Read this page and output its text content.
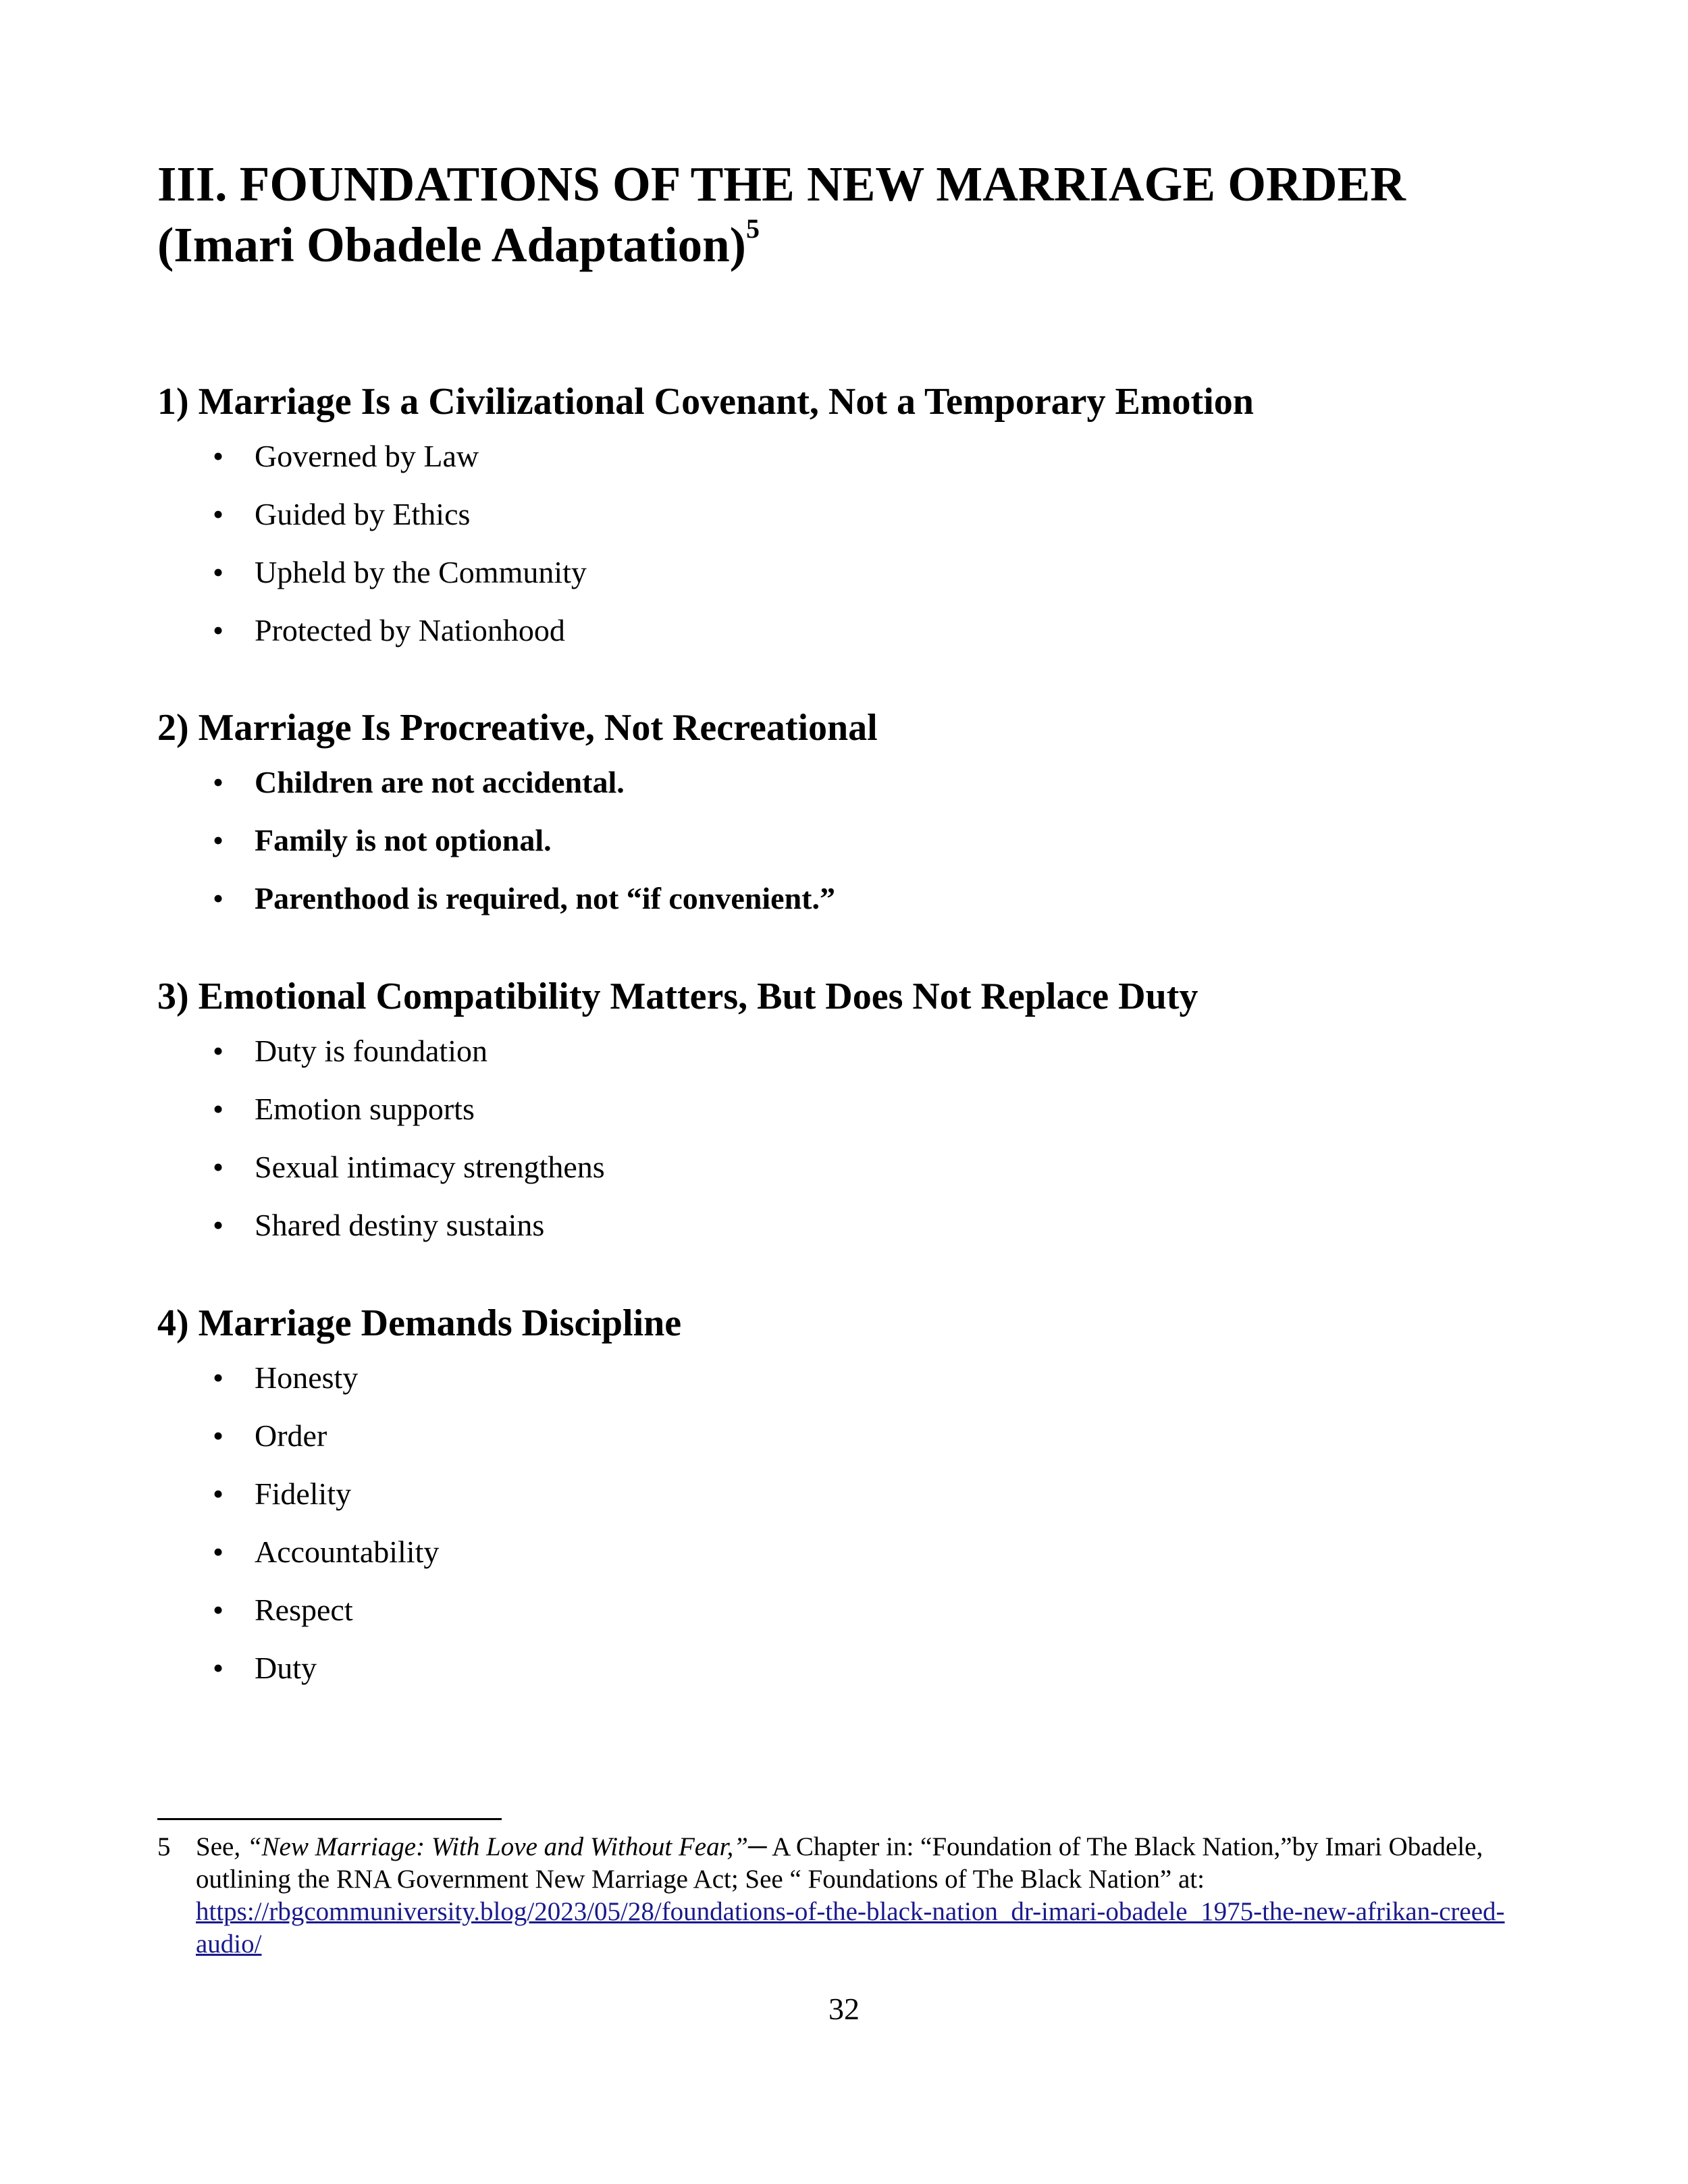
III. FOUNDATIONS OF THE NEW MARRIAGE ORDER
(Imari Obadele Adaptation)$^5$
1) Marriage Is a Civilizational Covenant, Not a Temporary Emotion
• Governed by Law
• Guided by Ethics
• Upheld by the Community
• Protected by Nationhood
2) Marriage Is Procreative, Not Recreational
• Children are not accidental.
• Family is not optional.
• Parenthood is required, not “if convenient.”
3) Emotional Compatibility Matters, But Does Not Replace Duty
• Duty is foundation
• Emotion supports
• Sexual intimacy strengthens
• Shared destiny sustains
4) Marriage Demands Discipline
• Honesty
• Order
• Fidelity
• Accountability
• Respect
• Duty
5 See, “New Marriage: With Love and Without Fear,”─ A Chapter in: “Foundation of The Black Nation,”by Imari Obadele, outlining the RNA Government New Marriage Act; See “ Foundations of The Black Nation” at: https://rbgcommuniversity.blog/2023/05/28/foundations-of-the-black-nation_dr-imari-obadele_1975-the-new-afrikan-creed-audio/
32
